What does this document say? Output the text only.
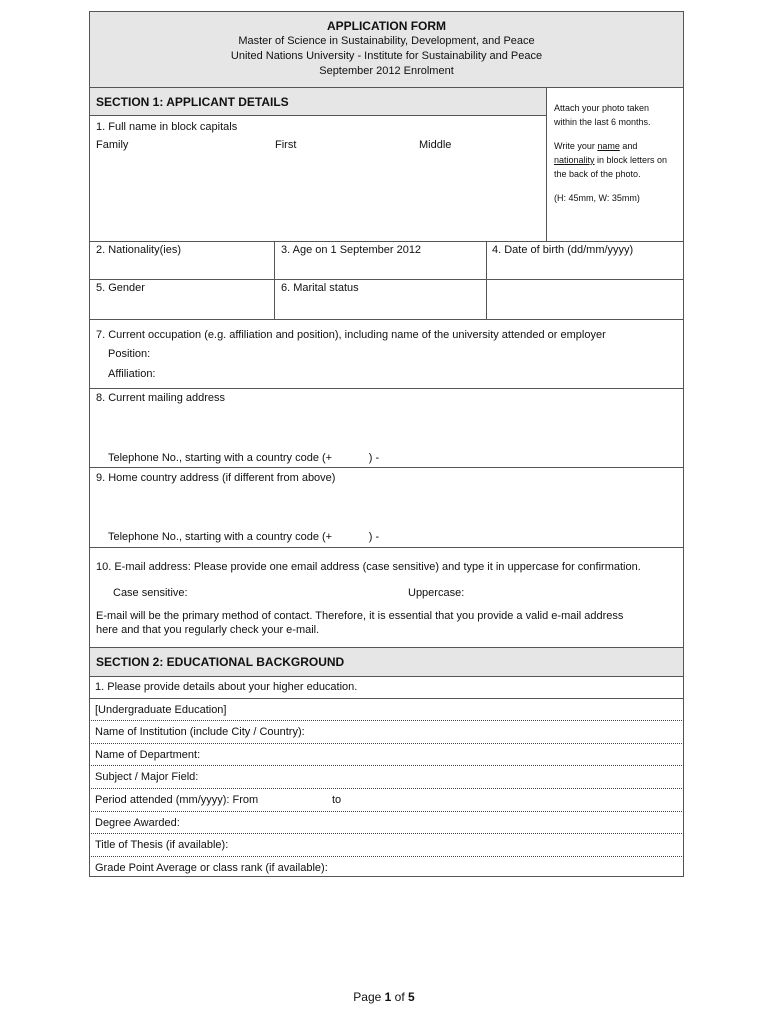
APPLICATION FORM
Master of Science in Sustainability, Development, and Peace
United Nations University - Institute for Sustainability and Peace
September 2012 Enrolment
SECTION 1: APPLICANT DETAILS	Attach your photo taken
within the last 6 months.
Write your name and
nationality in block letters on
the back of the photo.
(H: 45mm, W: 35mm)
1. Full name in block capitals
Family	First	Middle
2. Nationality(ies)	3. Age on 1 September 2012	4. Date of birth (dd/mm/yyyy)
5. Gender	6. Marital status
7. Current occupation (e.g. affiliation and position), including name of the university attended or employer
Position:
Affiliation:
8. Current mailing address
Telephone No., starting with a country code (+            ) -
9. Home country address (if different from above)
Telephone No., starting with a country code (+            ) -
10. E-mail address: Please provide one email address (case sensitive) and type it in uppercase for confirmation.
Case sensitive:	Uppercase:
E-mail will be the primary method of contact. Therefore, it is essential that you provide a valid e-mail address
here and that you regularly check your e-mail.
SECTION 2: EDUCATIONAL BACKGROUND
1. Please provide details about your higher education.
[Undergraduate Education]
Name of Institution (include City / Country):
Name of Department:
Subject / Major Field:
Period attended (mm/yyyy): From	to
Degree Awarded:
Title of Thesis (if available):
Grade Point Average or class rank (if available):
Page 1 of 5
